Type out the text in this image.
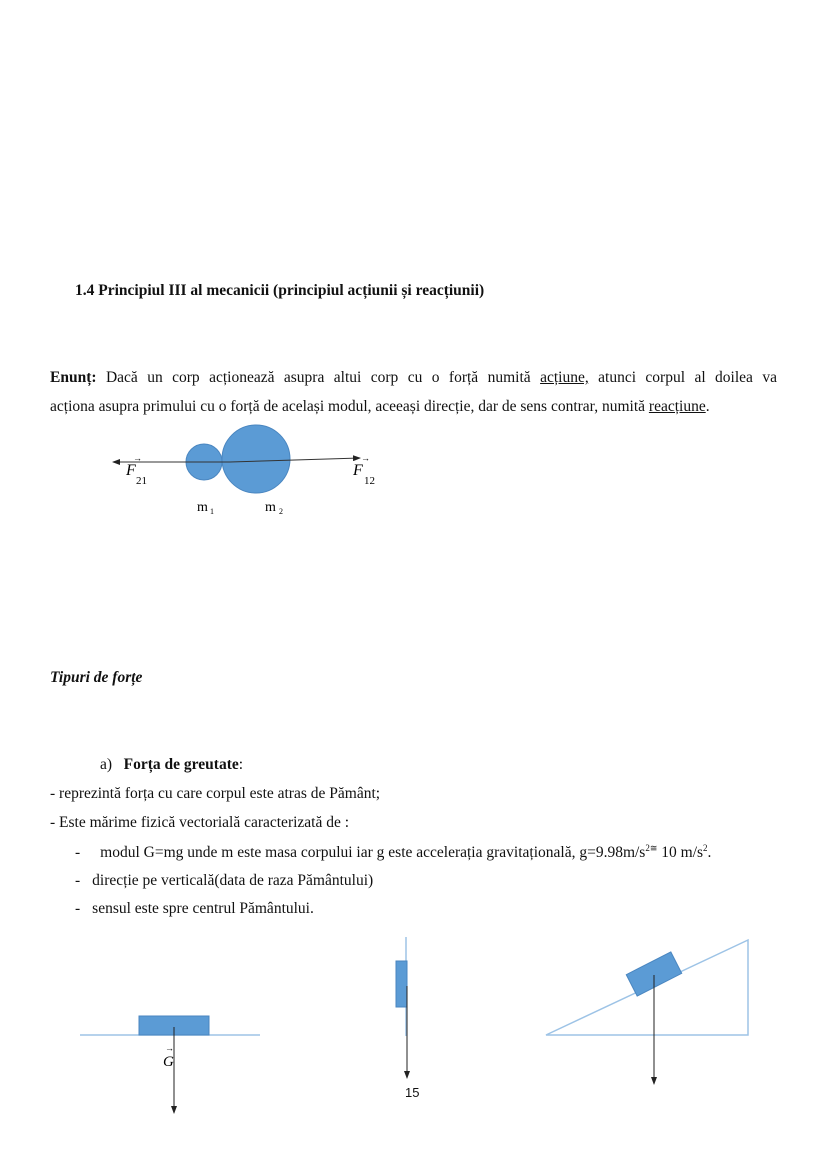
1.4 Principiul III al mecanicii (principiul acțiunii și reacțiunii)
Enunț: Dacă un corp acționează asupra altui corp cu o forță numită acțiune, atunci corpul al doilea va
acționa asupra primului cu o forță de același modul, aceeași direcție, dar de sens contrar, numită reacțiune.
→
F
21
→
F
12
m 1	m 2
→
G
Tipuri de forțe
a) Forța de greutate:
- reprezintă forța cu care corpul este atras de Pământ;
- Este mărime fizică vectorială caracterizată de :
- modul G=mg unde m este masa corpului iar g este accelerația gravitațională, $g=9.98m/s^{2≅}$ 10 $m/s^2$.
- direcție pe verticală(data de raza Pământului)
- sensul este spre centrul Pământului.
15
